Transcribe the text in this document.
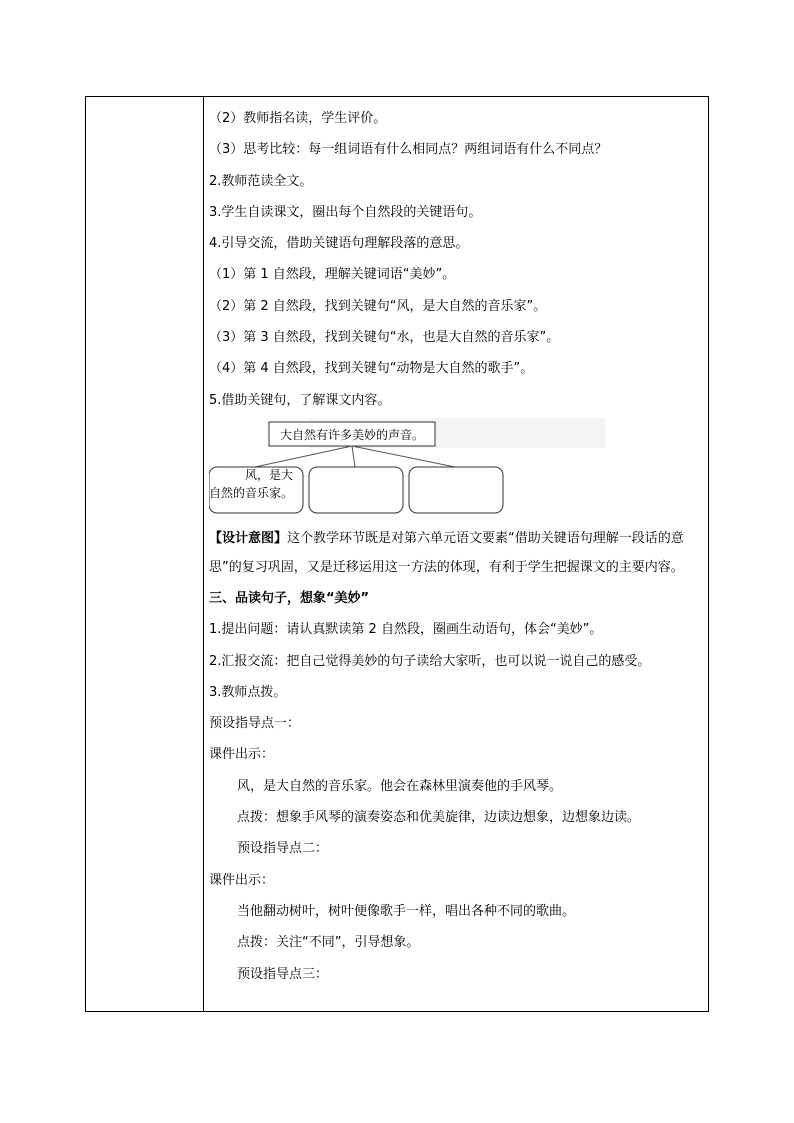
（2）教师指名读，学生评价。
（3）思考比较：每一组词语有什么相同点？两组词语有什么不同点？
2.教师范读全文。
3.学生自读课文，圈出每个自然段的关键语句。
4.引导交流，借助关键语句理解段落的意思。
（1）第 1 自然段，理解关键词语“美妙”。
（2）第 2 自然段，找到关键句“风，是大自然的音乐家”。
（3）第 3 自然段，找到关键句“水，也是大自然的音乐家”。
（4）第 4 自然段，找到关键句“动物是大自然的歌手”。
5.借助关键句，了解课文内容。
大自然有许多美妙的声音。
风，是大
自然的音乐家。
【设计意图】这个教学环节既是对第六单元语文要素“借助关键语句理解一段话的意思”的复习巩固，又是迁移运用这一方法的体现，有利于学生把握课文的主要内容。
三、品读句子，想象“美妙”
1.提出问题：请认真默读第 2 自然段，圈画生动语句，体会“美妙”。
2.汇报交流：把自己觉得美妙的句子读给大家听，也可以说一说自己的感受。
3.教师点拨。
预设指导点一：
课件出示：
风，是大自然的音乐家。他会在森林里演奏他的手风琴。
点拨：想象手风琴的演奏姿态和优美旋律，边读边想象，边想象边读。
预设指导点二：
课件出示：
当他翻动树叶，树叶便像歌手一样，唱出各种不同的歌曲。
点拨：关注“不同”，引导想象。
预设指导点三：
